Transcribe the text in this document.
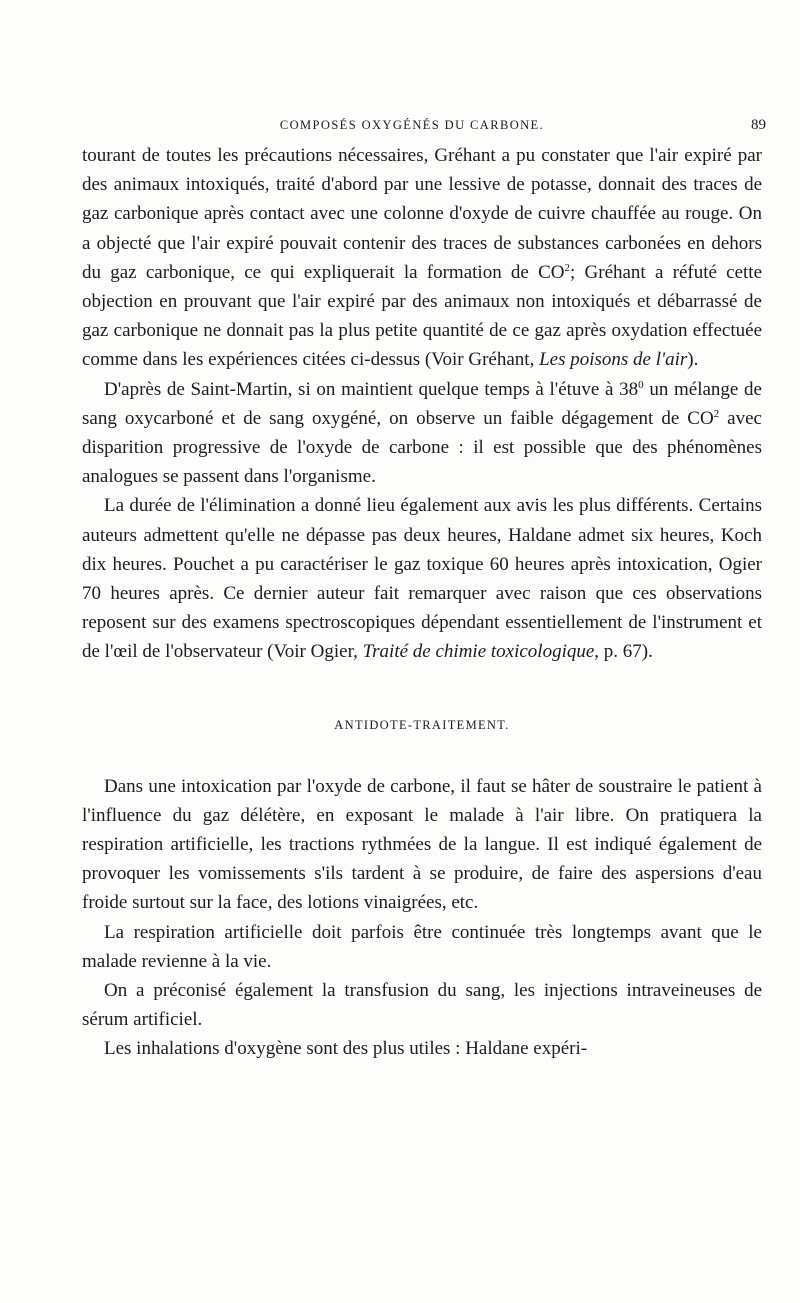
COMPOSÉS OXYGÉNÉS DU CARBONE.	89

tourant de toutes les précautions nécessaires, Gréhant a pu constater que l'air expiré par des animaux intoxiqués, traité d'abord par une lessive de potasse, donnait des traces de gaz carbonique après contact avec une colonne d'oxyde de cuivre chauffée au rouge. On a objecté que l'air expiré pouvait contenir des traces de substances carbonées en dehors du gaz carbonique, ce qui expliquerait la formation de $CO^2$; Gréhant a réfuté cette objection en prouvant que l'air expiré par des animaux non intoxiqués et débarrassé de gaz carbonique ne donnait pas la plus petite quantité de ce gaz après oxydation effectuée comme dans les expériences citées ci-dessus (Voir Gréhant, Les poisons de l'air).

D'après de Saint-Martin, si on maintient quelque temps à l'étuve à $38^0$ un mélange de sang oxycarboné et de sang oxygéné, on observe un faible dégagement de $CO^2$ avec disparition progressive de l'oxyde de carbone : il est possible que des phénomènes analogues se passent dans l'organisme.

La durée de l'élimination a donné lieu également aux avis les plus différents. Certains auteurs admettent qu'elle ne dépasse pas deux heures, Haldane admet six heures, Koch dix heures. Pouchet a pu caractériser le gaz toxique 60 heures après intoxication, Ogier 70 heures après. Ce dernier auteur fait remarquer avec raison que ces observations reposent sur des examens spectroscopiques dépendant essentiellement de l'instrument et de l'œil de l'observateur (Voir Ogier, Traité de chimie toxicologique, p. 67).

ANTIDOTE-TRAITEMENT.

Dans une intoxication par l'oxyde de carbone, il faut se hâter de soustraire le patient à l'influence du gaz délétère, en exposant le malade à l'air libre. On pratiquera la respiration artificielle, les tractions rythmées de la langue. Il est indiqué également de provoquer les vomissements s'ils tardent à se produire, de faire des aspersions d'eau froide surtout sur la face, des lotions vinaigrées, etc.

La respiration artificielle doit parfois être continuée très longtemps avant que le malade revienne à la vie.

On a préconisé également la transfusion du sang, les injections intraveineuses de sérum artificiel.

Les inhalations d'oxygène sont des plus utiles : Haldane expéri-
